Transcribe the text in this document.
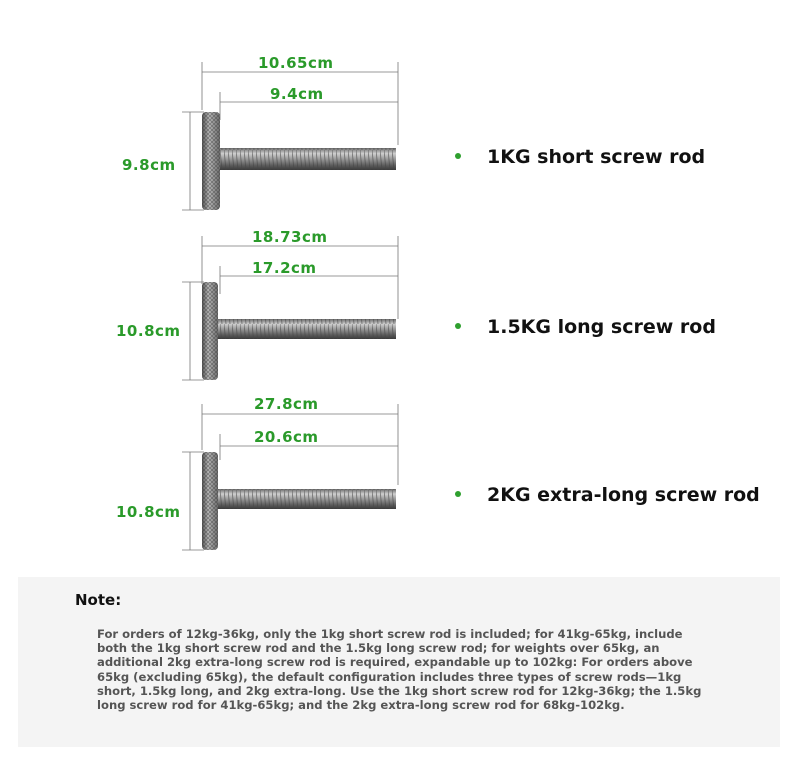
10.65cm
9.4cm
9.8cm	1KG short screw rod
18.73cm
17.2cm
10.8cm	1.5KG long screw rod
27.8cm
20.6cm
10.8cm
2KG extra-long screw rod
Note:
For orders of 12kg-36kg, only the 1kg short screw rod is included; for 41kg-65kg, include both the 1kg short screw rod and the 1.5kg long screw rod; for weights over 65kg, an additional 2kg extra-long screw rod is required, expandable up to 102kg: For orders above 65kg (excluding 65kg), the default configuration includes three types of screw rods—1kg short, 1.5kg long, and 2kg extra-long. Use the 1kg short screw rod for 12kg-36kg; the 1.5kg long screw rod for 41kg-65kg; and the 2kg extra-long screw rod for 68kg-102kg.
